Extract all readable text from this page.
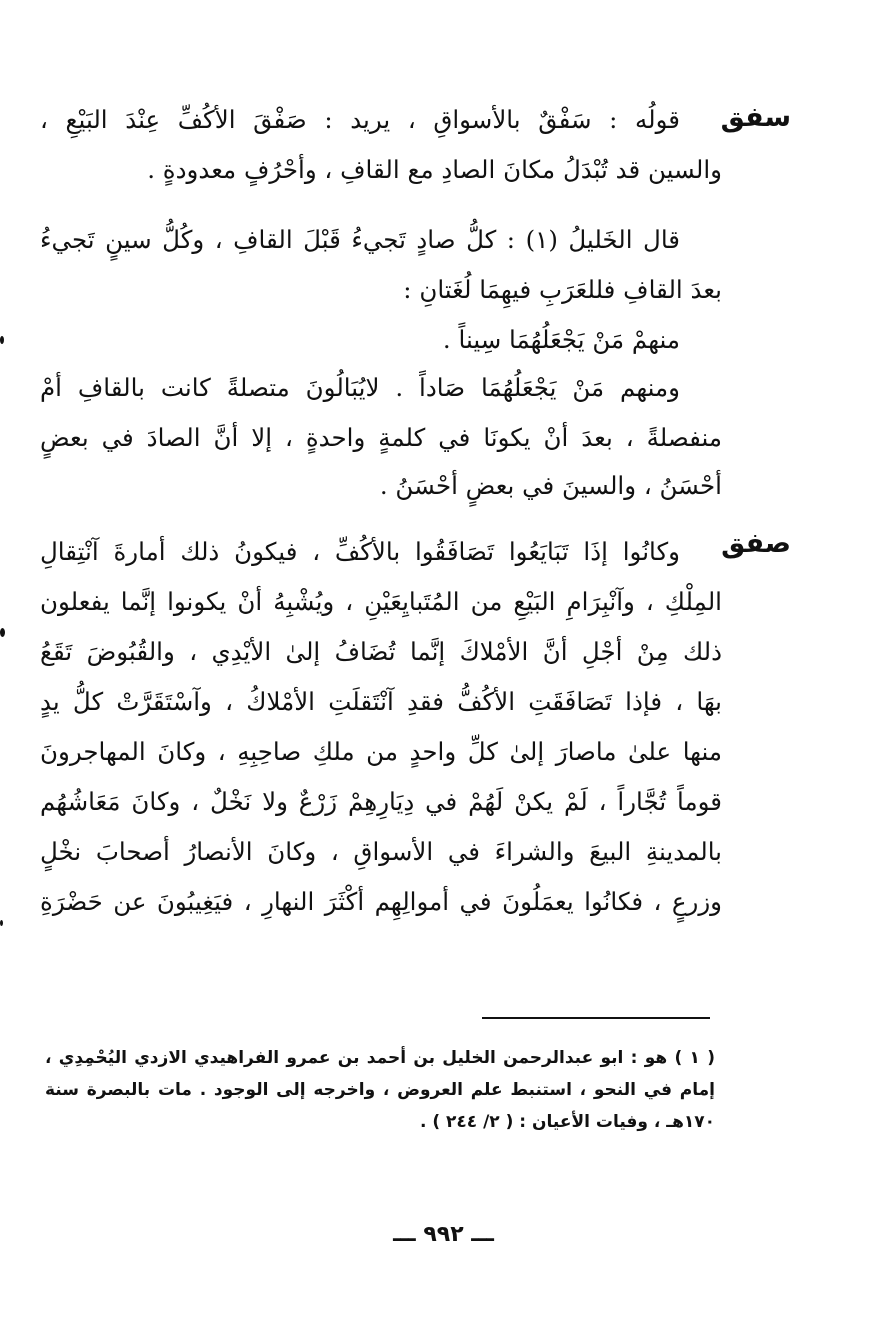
سفق
صفق
قولُه : سَفْقٌ بالأسواقِ ، يريد : صَفْقَ الأكُفِّ عِنْدَ البَيْعِ ،
والسين قد تُبْدَلُ مكانَ الصادِ مع القافِ ، وأحْرُفٍ معدودةٍ .
قال الخَليلُ (١) : كلُّ صادٍ تَجيءُ قَبْلَ القافِ ، وكُلُّ سينٍ تَجيءُ
بعدَ القافِ فللعَرَبِ فيهِمَا لُغَتانِ :
منهمْ مَنْ يَجْعَلُهُمَا سِيناً .
ومنهم مَنْ يَجْعَلُهُمَا صَاداً . لايُبَالُونَ متصلةً كانت بالقافِ أمْ
منفصلةً ، بعدَ أنْ يكونَا في كلمةٍ واحدةٍ ، إلا أنَّ الصادَ في بعضٍ
أحْسَنُ ، والسينَ في بعضٍ أحْسَنُ .
وكانُوا إذَا تَبَايَعُوا تَصَافَقُوا بالأكُفِّ ، فيكونُ ذلك أمارةَ آنْتِقالِ
المِلْكِ ، وآنْبِرَامِ البَيْعِ من المُتَبايِعَيْنِ ، ويُشْبِهُ أنْ يكونوا إنَّما يفعلون
ذلك مِنْ أجْلِ أنَّ الأمْلاكَ إنَّما تُضَافُ إلىٰ الأيْدِي ، والقُبُوضَ تَقَعُ
بهَا ، فإذا تَصَافَقَتِ الأكُفُّ فقدِ آنْتَقلَتِ الأمْلاكُ ، وآسْتَقَرَّتْ كلُّ يدٍ
منها علىٰ ماصارَ إلىٰ كلِّ واحدٍ من ملكِ صاحِبِهِ ، وكانَ المهاجرونَ
قوماً تُجَّاراً ، لَمْ يكنْ لَهُمْ في دِيَارِهِمْ زَرْعٌ ولا نَخْلٌ ، وكانَ مَعَاشُهُم
بالمدينةِ البيعَ والشراءَ في الأسواقِ ، وكانَ الأنصارُ أصحابَ نخْلٍ
وزرعٍ ، فكانُوا يعمَلُونَ في أموالِهِم أكْثَرَ النهارِ ، فيَغِيبُونَ عن حَضْرَةِ
( ١ ) هو : ابو عبدالرحمن الخليل بن أحمد بن عمرو الفراهيدي الازدي اليُحْمِدِي ،
إمام في النحو ، استنبط علم العروض ، واخرجه إلى الوجود . مات بالبصرة سنة
١٧٠هـ ، وفيات الأعيان : ( ٢/ ٢٤٤ ) .
ـــ ٩٩٢ ـــ
